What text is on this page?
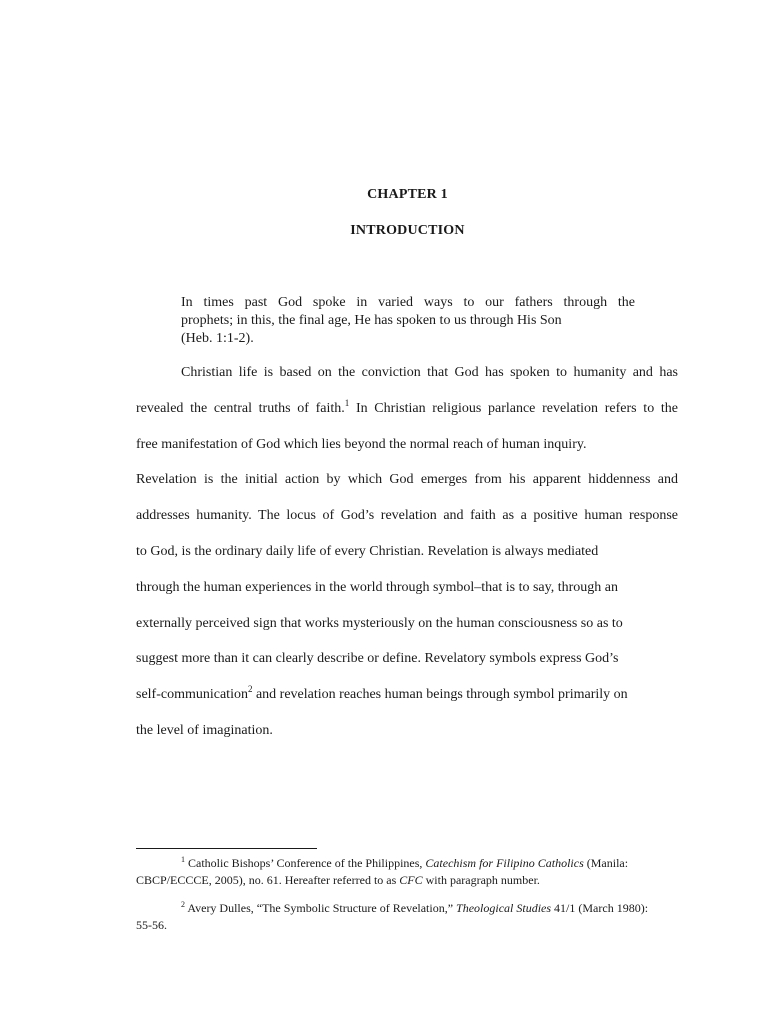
CHAPTER 1
INTRODUCTION
In times past God spoke in varied ways to our fathers through the
prophets; in this, the final age, He has spoken to us through His Son
(Heb. 1:1-2).
Christian life is based on the conviction that God has spoken to humanity and has
revealed the central truths of faith.$^1$ In Christian religious parlance revelation refers to the
free manifestation of God which lies beyond the normal reach of human inquiry.
Revelation is the initial action by which God emerges from his apparent hiddenness and
addresses humanity. The locus of God’s revelation and faith as a positive human response
to God, is the ordinary daily life of every Christian. Revelation is always mediated
through the human experiences in the world through symbol–that is to say, through an
externally perceived sign that works mysteriously on the human consciousness so as to
suggest more than it can clearly describe or define. Revelatory symbols express God’s
self-communication$^2$ and revelation reaches human beings through symbol primarily on
the level of imagination.
$^1$ Catholic Bishops’ Conference of the Philippines, Catechism for Filipino Catholics (Manila:
CBCP/ECCCE, 2005), no. 61. Hereafter referred to as CFC with paragraph number.
$^2$ Avery Dulles, “The Symbolic Structure of Revelation,” Theological Studies 41/1 (March 1980):
55-56.
